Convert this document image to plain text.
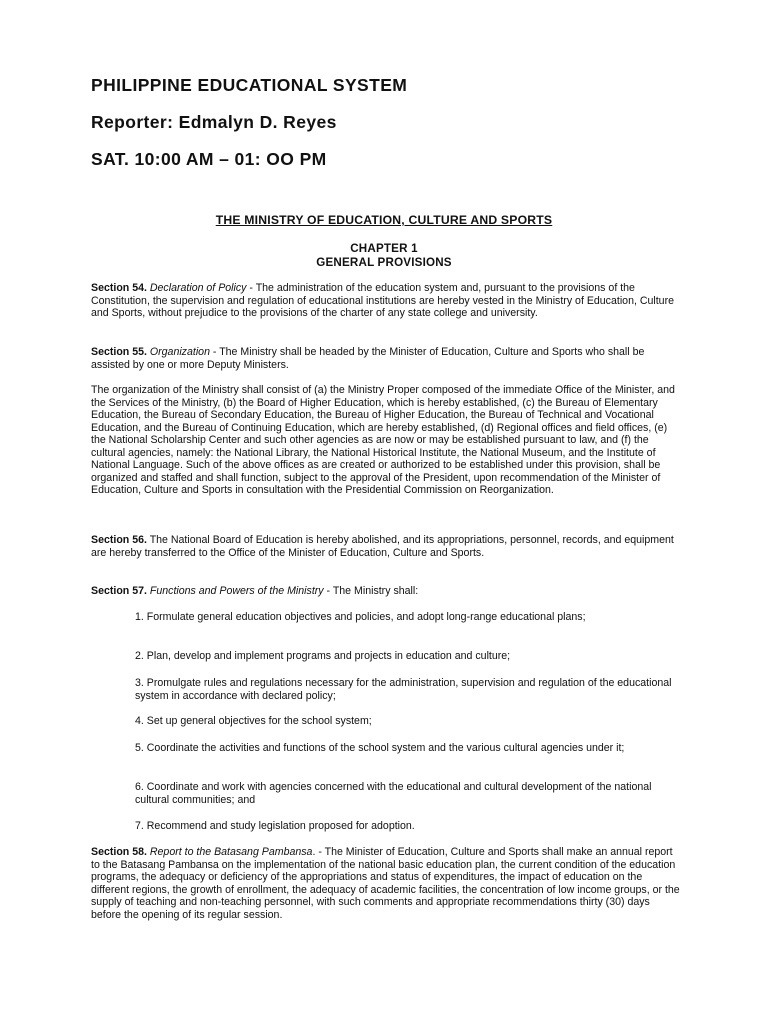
PHILIPPINE EDUCATIONAL SYSTEM
Reporter: Edmalyn D. Reyes
SAT. 10:00 AM – 01: OO PM
THE MINISTRY OF EDUCATION, CULTURE AND SPORTS
CHAPTER 1
GENERAL PROVISIONS

Section 54. Declaration of Policy - The administration of the education system and, pursuant to the provisions of the Constitution, the supervision and regulation of educational institutions are hereby vested in the Ministry of Education, Culture and Sports, without prejudice to the provisions of the charter of any state college and university.

Section 55. Organization - The Ministry shall be headed by the Minister of Education, Culture and Sports who shall be assisted by one or more Deputy Ministers.

The organization of the Ministry shall consist of (a) the Ministry Proper composed of the immediate Office of the Minister, and the Services of the Ministry, (b) the Board of Higher Education, which is hereby established, (c) the Bureau of Elementary Education, the Bureau of Secondary Education, the Bureau of Higher Education, the Bureau of Technical and Vocational Education, and the Bureau of Continuing Education, which are hereby established, (d) Regional offices and field offices, (e) the National Scholarship Center and such other agencies as are now or may be established pursuant to law, and (f) the cultural agencies, namely: the National Library, the National Historical Institute, the National Museum, and the Institute of National Language. Such of the above offices as are created or authorized to be established under this provision, shall be organized and staffed and shall function, subject to the approval of the President, upon recommendation of the Minister of Education, Culture and Sports in consultation with the Presidential Commission on Reorganization.

Section 56. The National Board of Education is hereby abolished, and its appropriations, personnel, records, and equipment are hereby transferred to the Office of the Minister of Education, Culture and Sports.

Section 57. Functions and Powers of the Ministry - The Ministry shall:

1. Formulate general education objectives and policies, and adopt long-range educational plans;

2. Plan, develop and implement programs and projects in education and culture;

3. Promulgate rules and regulations necessary for the administration, supervision and regulation of the educational system in accordance with declared policy;

4. Set up general objectives for the school system;

5. Coordinate the activities and functions of the school system and the various cultural agencies under it;

6. Coordinate and work with agencies concerned with the educational and cultural development of the national cultural communities; and

7. Recommend and study legislation proposed for adoption.

Section 58. Report to the Batasang Pambansa. - The Minister of Education, Culture and Sports shall make an annual report to the Batasang Pambansa on the implementation of the national basic education plan, the current condition of the education programs, the adequacy or deficiency of the appropriations and status of expenditures, the impact of education on the different regions, the growth of enrollment, the adequacy of academic facilities, the concentration of low income groups, or the supply of teaching and non-teaching personnel, with such comments and appropriate recommendations thirty (30) days before the opening of its regular session.
